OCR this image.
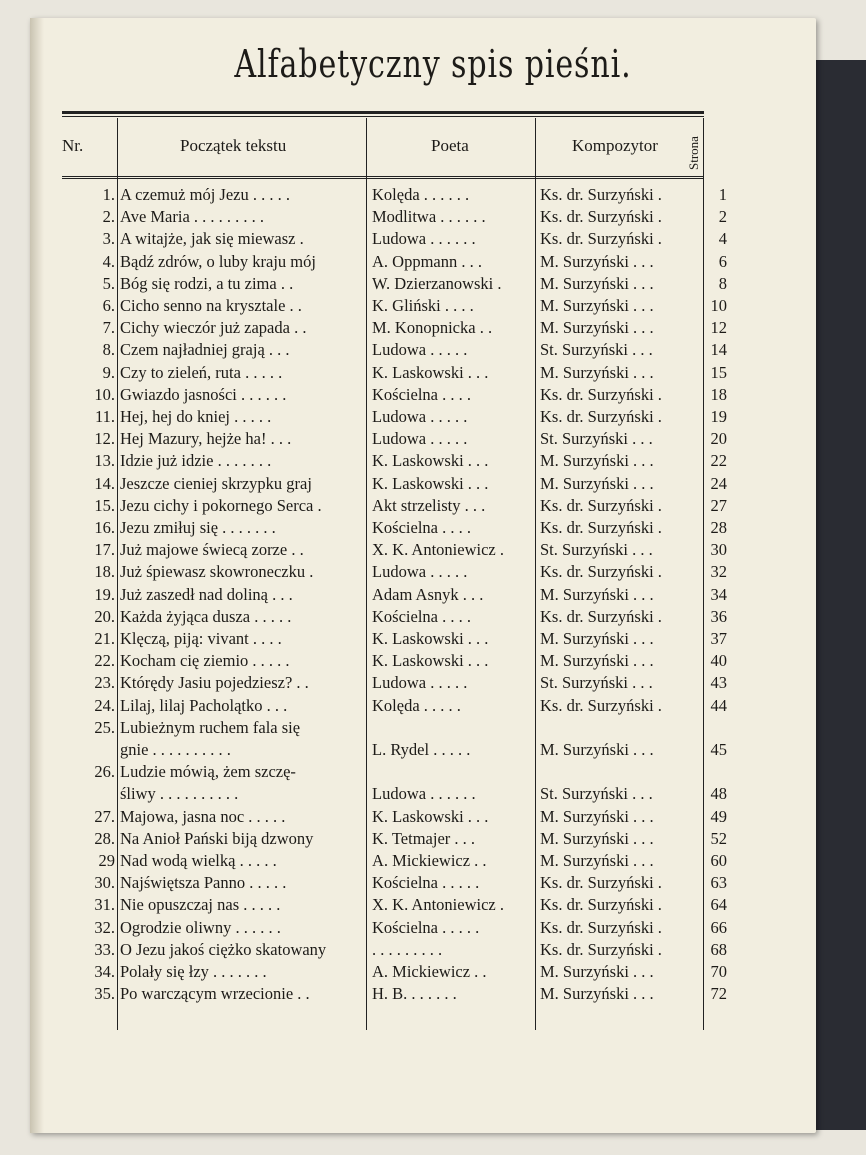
Alfabetyczny spis pieśni.
Nr.	Początek tekstu	Poeta	Kompozytor Strona
1. A czemuż mój Jezu . . . . .	Kolęda . . . . . .	Ks. dr. Surzyński .	1
2. Ave Maria . . . . . . . . .	Modlitwa . . . . . .	Ks. dr. Surzyński .	2
3. A witajże, jak się miewasz .	Ludowa . . . . . .	Ks. dr. Surzyński .	4
4. Bądź zdrów, o luby kraju mój	A. Oppmann . . .	M. Surzyński . . .	6
5. Bóg się rodzi, a tu zima . .	W. Dzierzanowski .	M. Surzyński . . .	8
6. Cicho senno na krysztale . .	K. Gliński . . . .	M. Surzyński . . .	10
7. Cichy wieczór już zapada . .	M. Konopnicka . .	M. Surzyński . . .	12
8. Czem najładniej grają . . .	Ludowa . . . . .	St. Surzyński . . .	14
9. Czy to zieleń, ruta . . . . .	K. Laskowski . . .	M. Surzyński . . .	15
10. Gwiazdo jasności . . . . . .	Kościelna . . . .	Ks. dr. Surzyński .	18
11. Hej, hej do kniej . . . . .	Ludowa . . . . .	Ks. dr. Surzyński .	19
12. Hej Mazury, hejże ha! . . .	Ludowa . . . . .	St. Surzyński . . .	20
13. Idzie już idzie . . . . . . .	K. Laskowski . . .	M. Surzyński . . .	22
14. Jeszcze cieniej skrzypku graj	K. Laskowski . . .	M. Surzyński . . .	24
15. Jezu cichy i pokornego Serca .	Akt strzelisty . . .	Ks. dr. Surzyński .	27
16. Jezu zmiłuj się . . . . . . .	Kościelna . . . .	Ks. dr. Surzyński .	28
17. Już majowe świecą zorze . .	X. K. Antoniewicz .	St. Surzyński . . .	30
18. Już śpiewasz skowroneczku .	Ludowa . . . . .	Ks. dr. Surzyński .	32
19. Już zaszedł nad doliną . . .	Adam Asnyk . . .	M. Surzyński . . .	34
20. Każda żyjąca dusza . . . . .	Kościelna . . . .	Ks. dr. Surzyński .	36
21. Klęczą, piją: vivant . . . .	K. Laskowski . . .	M. Surzyński . . .	37
22. Kocham cię ziemio . . . . .	K. Laskowski . . .	M. Surzyński . . .	40
23. Którędy Jasiu pojedziesz? . .	Ludowa . . . . .	St. Surzyński . . .	43
24. Lilaj, lilaj Pacholątko . . .	Kolęda . . . . .	Ks. dr. Surzyński .	44
25. Lubieżnym ruchem fala się
gnie . . . . . . . . . .	L. Rydel . . . . .	M. Surzyński . . .	45
26. Ludzie mówią, żem szczę-
śliwy . . . . . . . . . .	Ludowa . . . . . .	St. Surzyński . . .	48
27. Majowa, jasna noc . . . . .	K. Laskowski . . .	M. Surzyński . . .	49
28. Na Anioł Pański biją dzwony	K. Tetmajer . . .	M. Surzyński . . .	52
29 Nad wodą wielką . . . . .	A. Mickiewicz . .	M. Surzyński . . .	60
30. Najświętsza Panno . . . . .	Kościelna . . . . .	Ks. dr. Surzyński .	63
31. Nie opuszczaj nas . . . . .	X. K. Antoniewicz .	Ks. dr. Surzyński .	64
32. Ogrodzie oliwny . . . . . .	Kościelna . . . . .	Ks. dr. Surzyński .	66
33. O Jezu jakoś ciężko skatowany	. . . . . . . . .	Ks. dr. Surzyński .	68
34. Polały się łzy . . . . . . .	A. Mickiewicz . .	M. Surzyński . . .	70
35. Po warczącym wrzecionie . .	H. B. . . . . . .	M. Surzyński . . .	72
